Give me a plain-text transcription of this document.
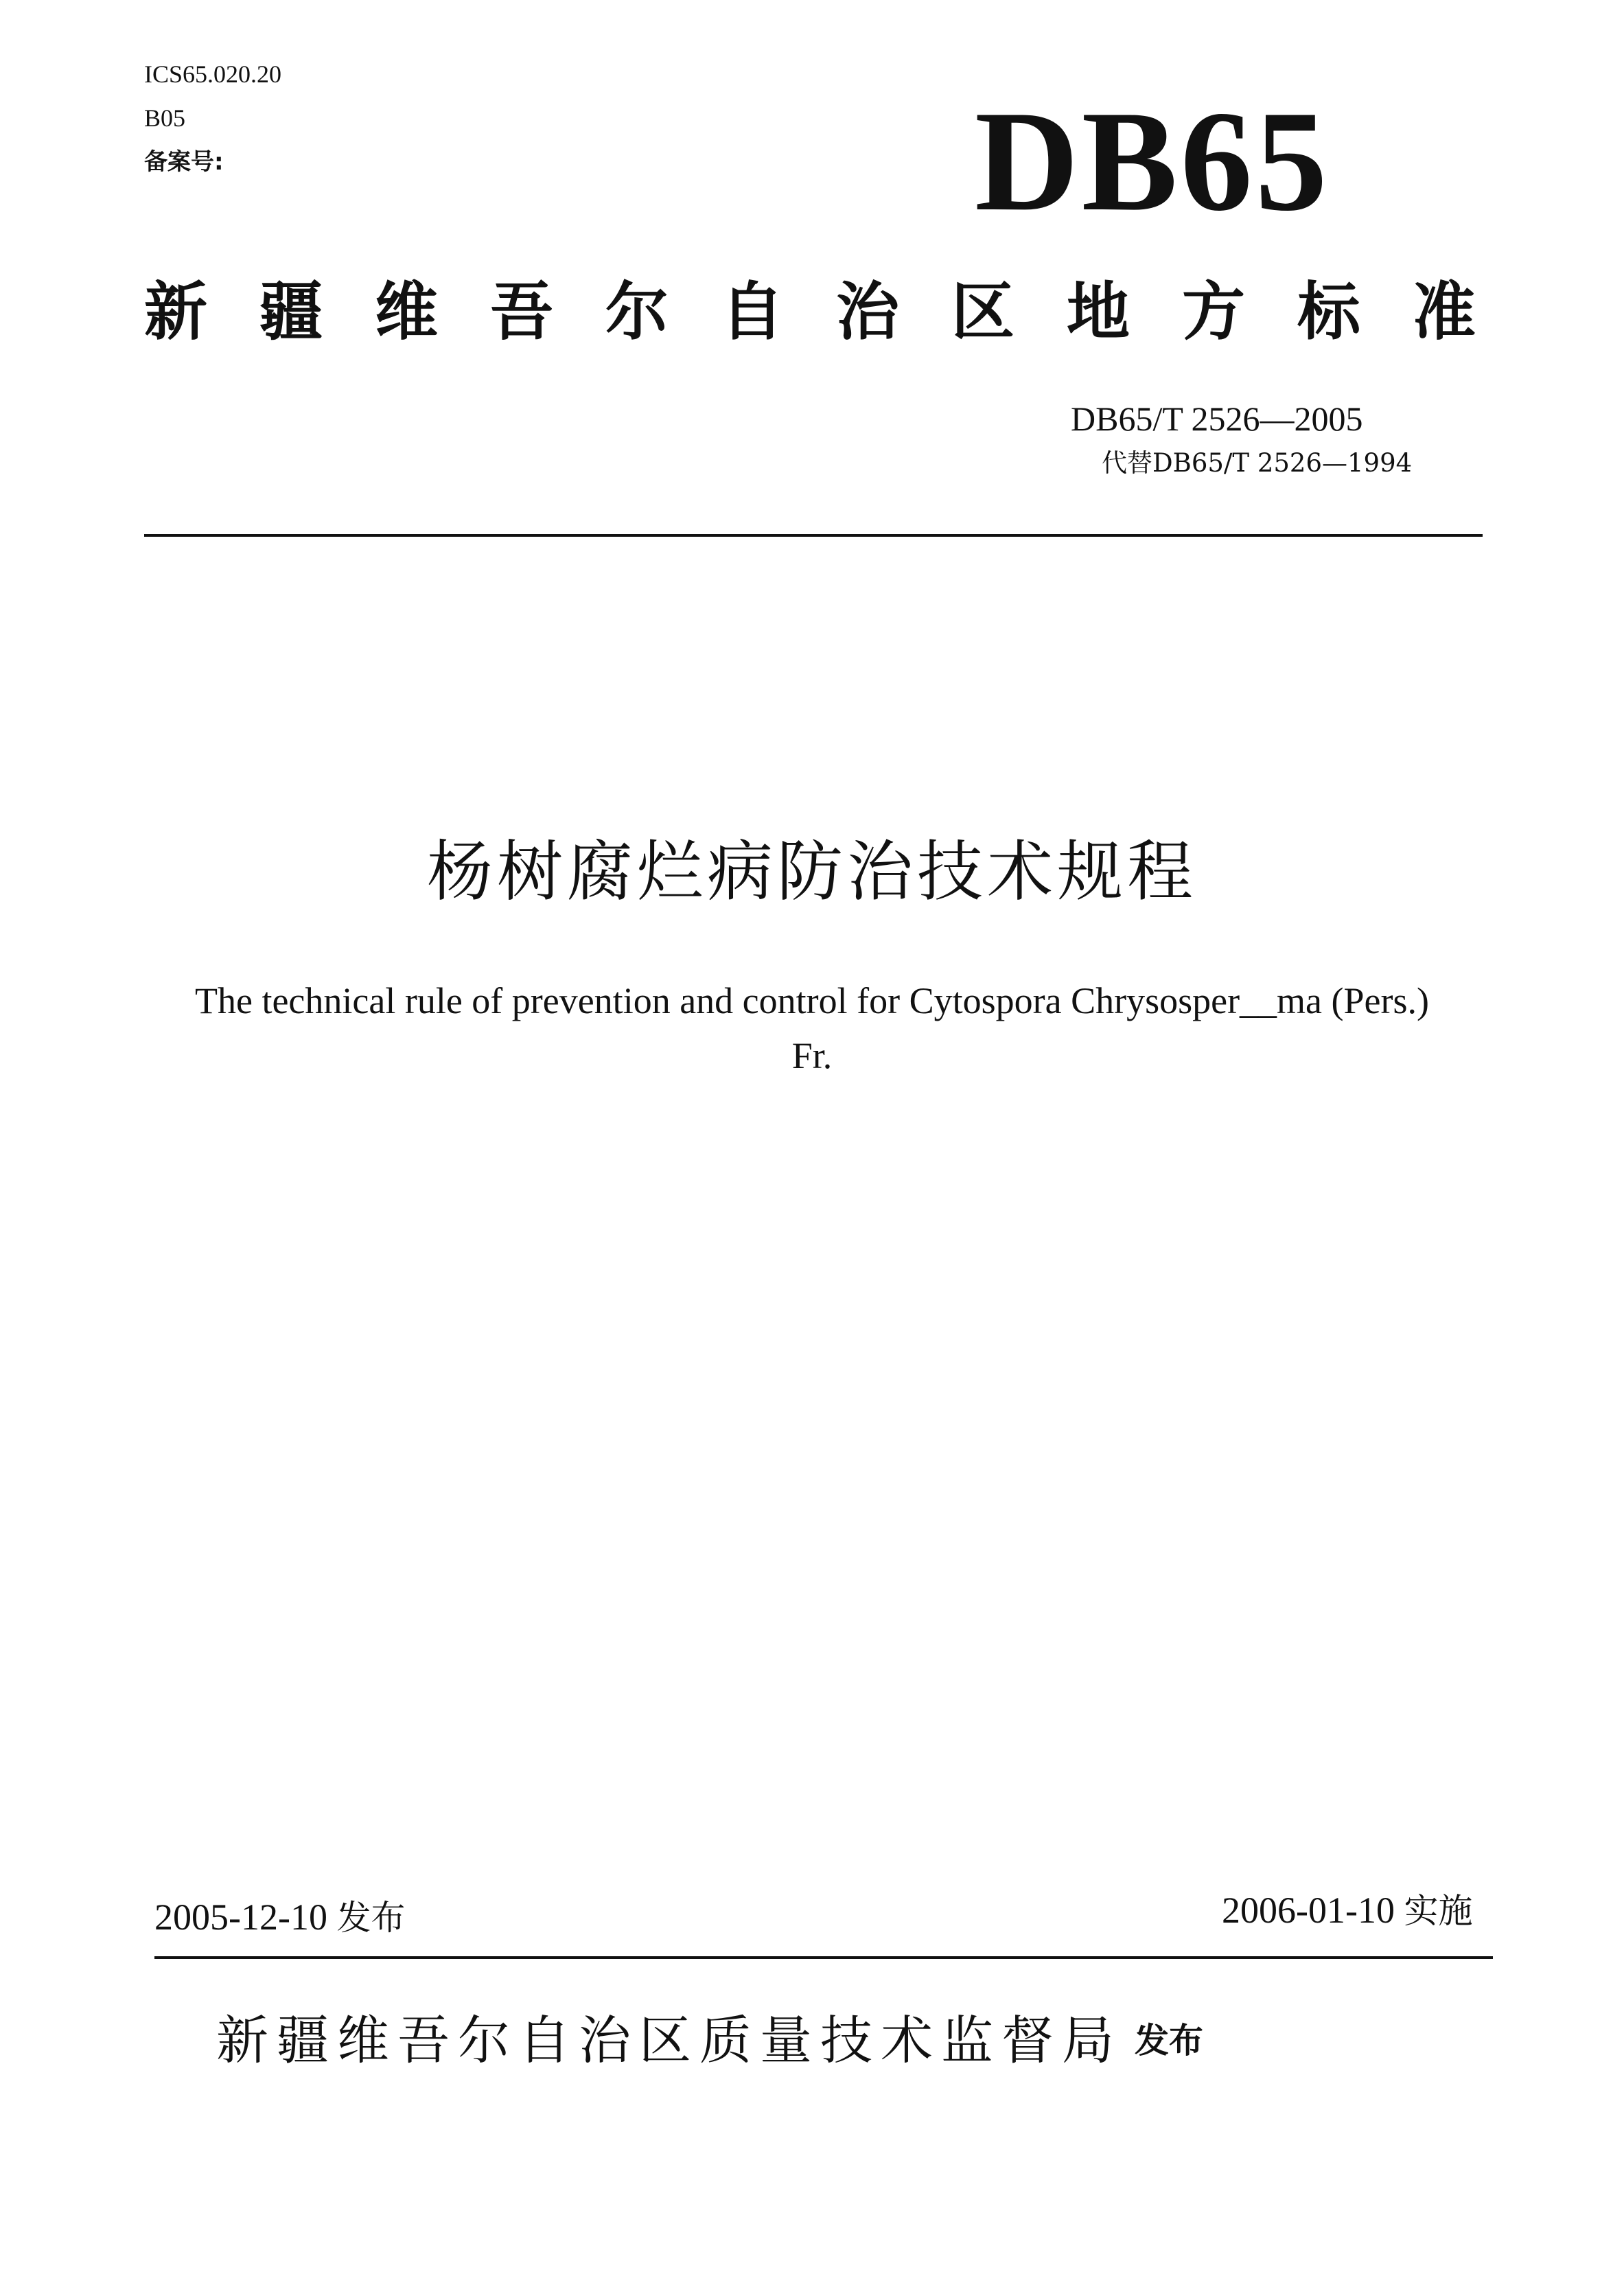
ICS65.020.20
B05
备案号:	DB65
新疆维吾尔自治区地方标准
DB65/T 2526—2005
代替DB65/T 2526—1994
杨树腐烂病防治技术规程
The technical rule of prevention and control for Cytospora Chrysosper__ma (Pers.)
Fr.
2005-12-10 发布	2006-01-10 实施
新疆维吾尔自治区质量技术监督局 发布
